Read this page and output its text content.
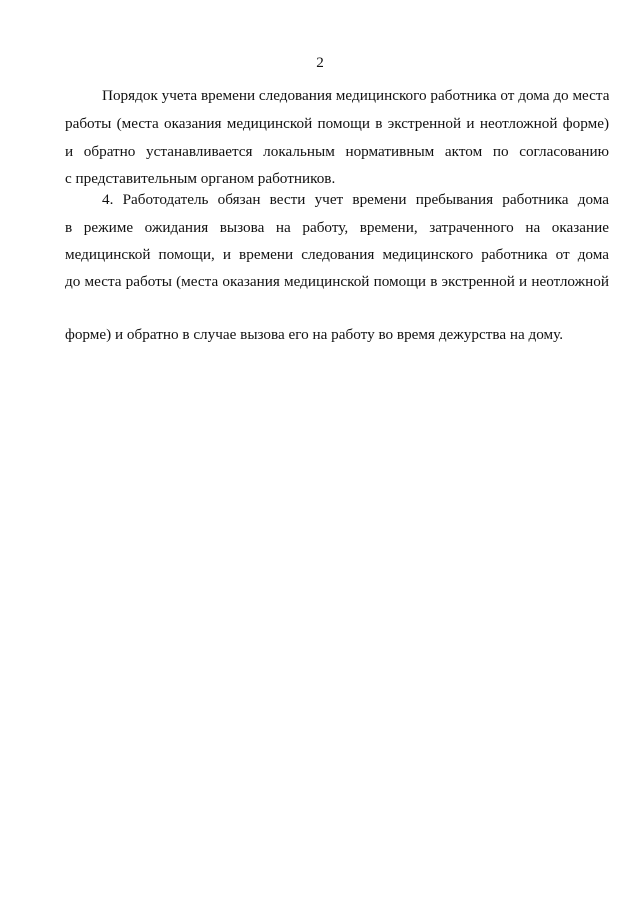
2
Порядок учета времени следования медицинского работника от дома до места
работы (места оказания медицинской помощи в экстренной и неотложной форме)
и обратно устанавливается локальным нормативным актом по согласованию
с представительным органом работников.
4. Работодатель обязан вести учет времени пребывания работника дома
в режиме ожидания вызова на работу, времени, затраченного на оказание
медицинской помощи, и времени следования медицинского работника от дома
до места работы (места оказания медицинской помощи в экстренной и неотложной
форме) и обратно в случае вызова его на работу во время дежурства на дому.
